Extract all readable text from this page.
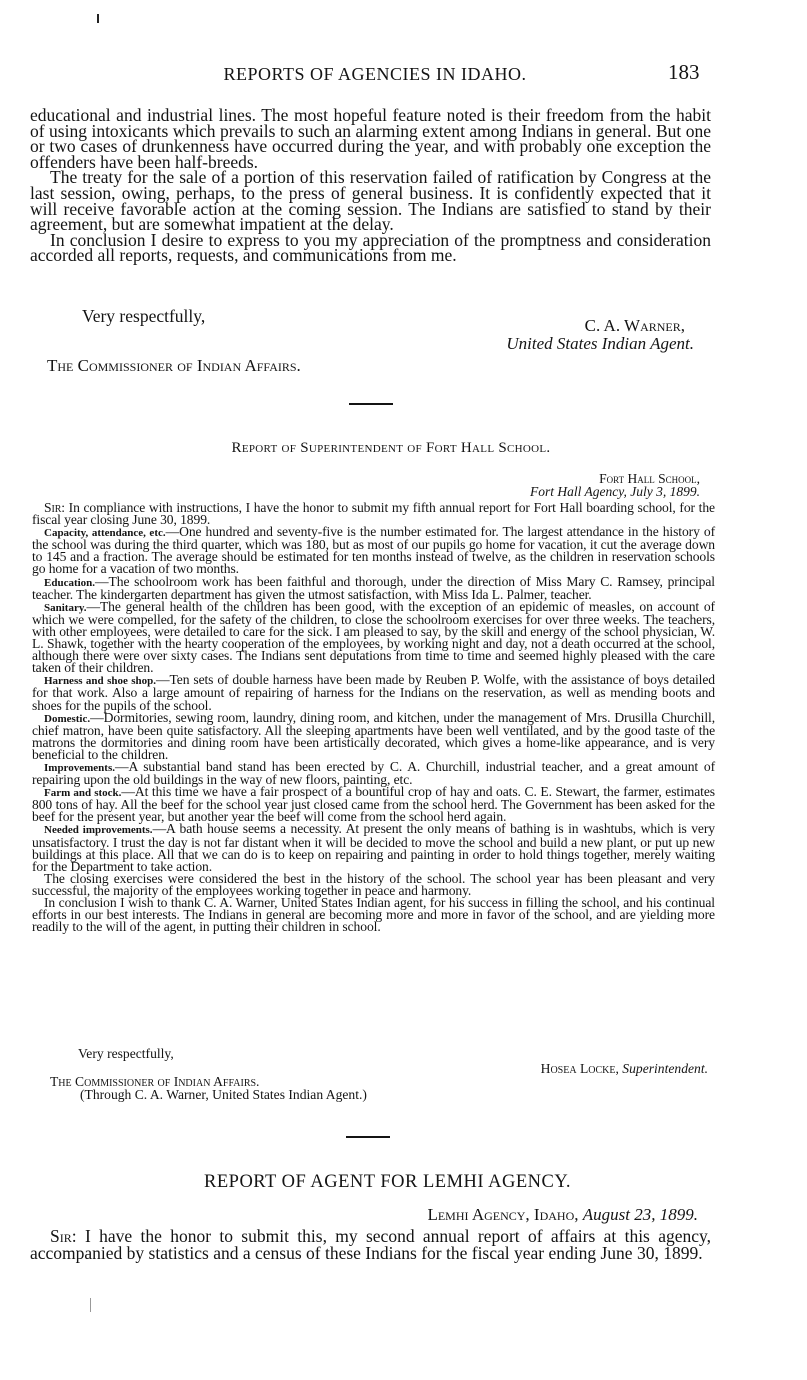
REPORTS OF AGENCIES IN IDAHO.	183

educational and industrial lines. The most hopeful feature noted is their freedom from the habit of using intoxicants which prevails to such an alarming extent among Indians in general. But one or two cases of drunkenness have occurred during the year, and with probably one exception the offenders have been half-breeds.

The treaty for the sale of a portion of this reservation failed of ratification by Congress at the last session, owing, perhaps, to the press of general business. It is confidently expected that it will receive favorable action at the coming session. The Indians are satisfied to stand by their agreement, but are somewhat impatient at the delay.

In conclusion I desire to express to you my appreciation of the promptness and consideration accorded all reports, requests, and communications from me.

Very respectfully,	C. A. Warner,
United States Indian Agent.
The Commissioner of Indian Affairs.
Report of Superintendent of Fort Hall School.
Fort Hall School,
Fort Hall Agency, July 3, 1899.

Sir: In compliance with instructions, I have the honor to submit my fifth annual report for Fort Hall boarding school, for the fiscal year closing June 30, 1899.

Capacity, attendance, etc.—One hundred and seventy-five is the number estimated for. The largest attendance in the history of the school was during the third quarter, which was 180, but as most of our pupils go home for vacation, it cut the average down to 145 and a fraction. The average should be estimated for ten months instead of twelve, as the children in reservation schools go home for a vacation of two months.

Education.—The schoolroom work has been faithful and thorough, under the direction of Miss Mary C. Ramsey, principal teacher. The kindergarten department has given the utmost satisfaction, with Miss Ida L. Palmer, teacher.

Sanitary.—The general health of the children has been good, with the exception of an epidemic of measles, on account of which we were compelled, for the safety of the children, to close the schoolroom exercises for over three weeks. The teachers, with other employees, were detailed to care for the sick. I am pleased to say, by the skill and energy of the school physician, W. L. Shawk, together with the hearty cooperation of the employees, by working night and day, not a death occurred at the school, although there were over sixty cases. The Indians sent deputations from time to time and seemed highly pleased with the care taken of their children.

Harness and shoe shop.—Ten sets of double harness have been made by Reuben P. Wolfe, with the assistance of boys detailed for that work. Also a large amount of repairing of harness for the Indians on the reservation, as well as mending boots and shoes for the pupils of the school.

Domestic.—Dormitories, sewing room, laundry, dining room, and kitchen, under the management of Mrs. Drusilla Churchill, chief matron, have been quite satisfactory. All the sleeping apartments have been well ventilated, and by the good taste of the matrons the dormitories and dining room have been artistically decorated, which gives a home-like appearance, and is very beneficial to the children.

Improvements.—A substantial band stand has been erected by C. A. Churchill, industrial teacher, and a great amount of repairing upon the old buildings in the way of new floors, painting, etc.

Farm and stock.—At this time we have a fair prospect of a bountiful crop of hay and oats. C. E. Stewart, the farmer, estimates 800 tons of hay. All the beef for the school year just closed came from the school herd. The Government has been asked for the beef for the present year, but another year the beef will come from the school herd again.

Needed improvements.—A bath house seems a necessity. At present the only means of bathing is in washtubs, which is very unsatisfactory. I trust the day is not far distant when it will be decided to move the school and build a new plant, or put up new buildings at this place. All that we can do is to keep on repairing and painting in order to hold things together, merely waiting for the Department to take action.

The closing exercises were considered the best in the history of the school. The school year has been pleasant and very successful, the majority of the employees working together in peace and harmony.

In conclusion I wish to thank C. A. Warner, United States Indian agent, for his success in filling the school, and his continual efforts in our best interests. The Indians in general are becoming more and more in favor of the school, and are yielding more readily to the will of the agent, in putting their children in school.

Very respectfully,
Hosea Locke, Superintendent.
The Commissioner of Indian Affairs.
(Through C. A. Warner, United States Indian Agent.)
REPORT OF AGENT FOR LEMHI AGENCY.
Lemhi Agency, Idaho, August 23, 1899.

Sir: I have the honor to submit this, my second annual report of affairs at this agency, accompanied by statistics and a census of these Indians for the fiscal year ending June 30, 1899.
